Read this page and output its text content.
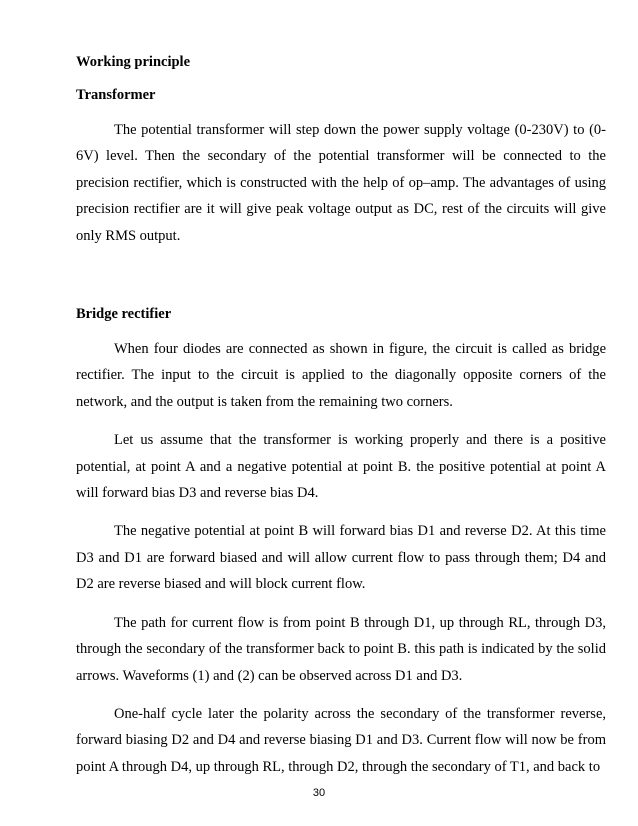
Working principle
Transformer

The potential transformer will step down the power supply voltage (0-230V) to (0-6V) level. Then the secondary of the potential transformer will be connected to the precision rectifier, which is constructed with the help of op–amp. The advantages of using precision rectifier are it will give peak voltage output as DC, rest of the circuits will give only RMS output.

Bridge rectifier

When four diodes are connected as shown in figure, the circuit is called as bridge rectifier. The input to the circuit is applied to the diagonally opposite corners of the network, and the output is taken from the remaining two corners.

Let us assume that the transformer is working properly and there is a positive potential, at point A and a negative potential at point B. the positive potential at point A will forward bias D3 and reverse bias D4.

The negative potential at point B will forward bias D1 and reverse D2. At this time D3 and D1 are forward biased and will allow current flow to pass through them; D4 and D2 are reverse biased and will block current flow.

The path for current flow is from point B through D1, up through RL, through D3, through the secondary of the transformer back to point B. this path is indicated by the solid arrows. Waveforms (1) and (2) can be observed across D1 and D3.

One-half cycle later the polarity across the secondary of the transformer reverse, forward biasing D2 and D4 and reverse biasing D1 and D3. Current flow will now be from point A through D4, up through RL, through D2, through the secondary of T1, and back to

30
